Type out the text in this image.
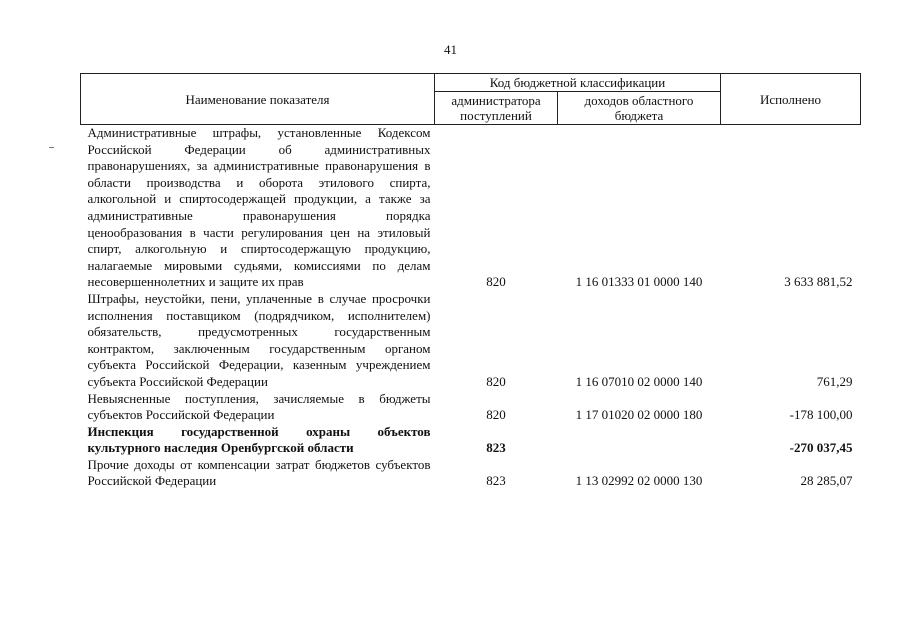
41
Наименование показателя	Код бюджетной классификации		Исполнено
	администратора поступлений	доходов областного бюджета	
Административные штрафы, установленные Кодексом Российской Федерации об административных правонарушениях, за административные правонарушения в области производства и оборота этилового спирта, алкогольной и спиртосодержащей продукции, а также за административные правонарушения порядка ценообразования в части регулирования цен на этиловый спирт, алкогольную и спиртосодержащую продукцию, налагаемые мировыми судьями, комиссиями по делам несовершеннолетних и защите их прав	820	1 16 01333 01 0000 140	3 633 881,52
Штрафы, неустойки, пени, уплаченные в случае просрочки исполнения поставщиком (подрядчиком, исполнителем) обязательств, предусмотренных государственным контрактом, заключенным государственным органом субъекта Российской Федерации, казенным учреждением субъекта Российской Федерации	820	1 16 07010 02 0000 140	761,29
Невыясненные поступления, зачисляемые в бюджеты субъектов Российской Федерации	820	1 17 01020 02 0000 180	-178 100,00
Инспекция государственной охраны объектов культурного наследия Оренбургской области	823		-270 037,45
Прочие доходы от компенсации затрат бюджетов субъектов Российской Федерации	823	1 13 02992 02 0000 130	28 285,07
